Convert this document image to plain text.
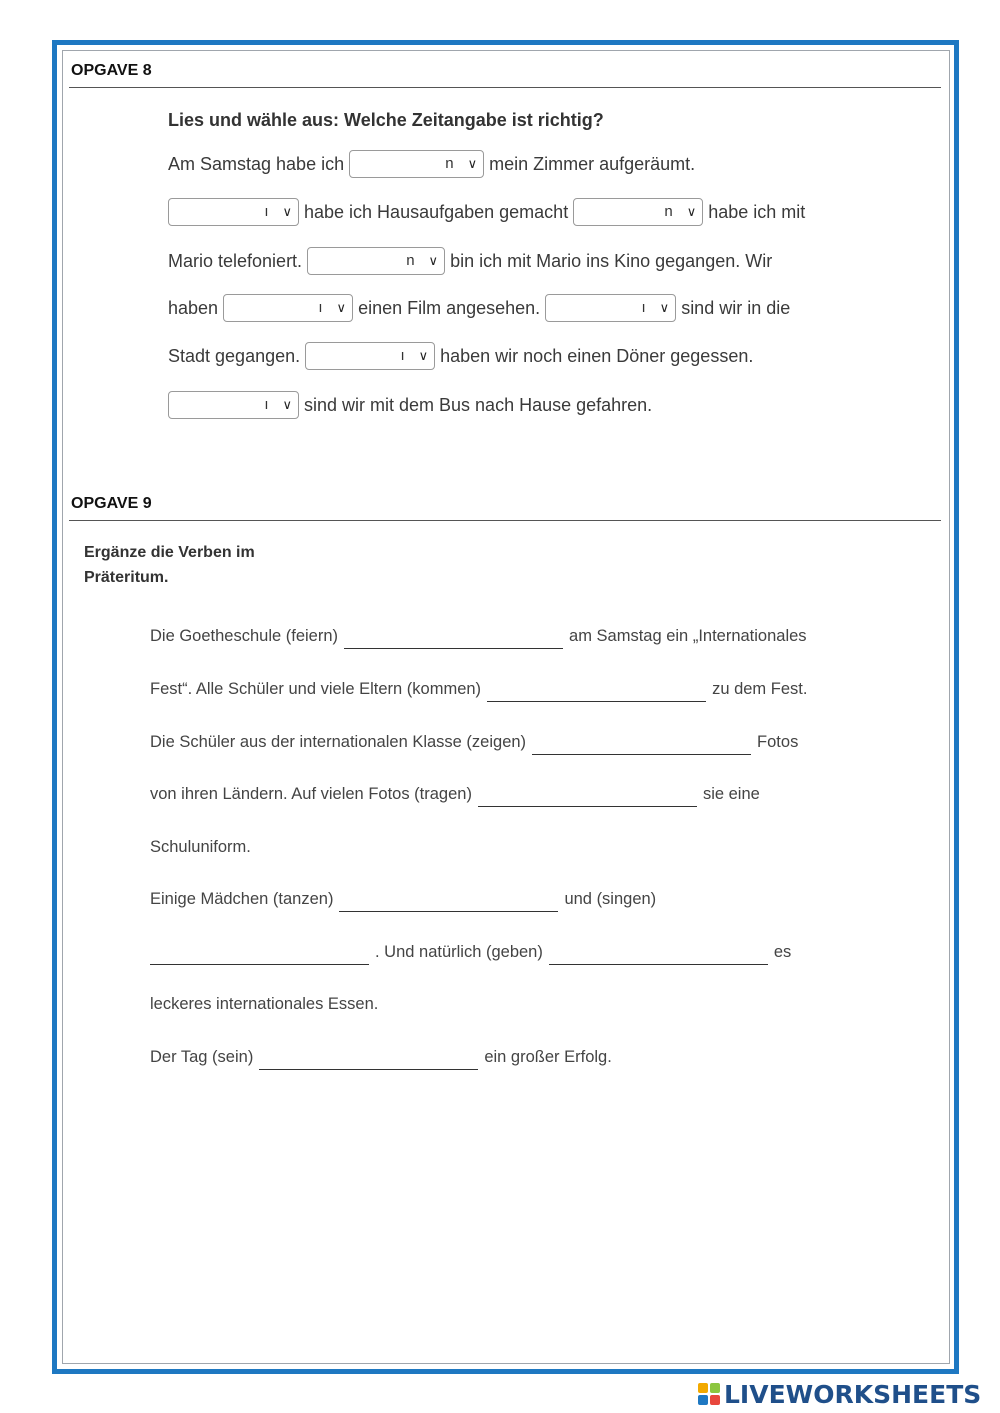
OPGAVE 8
Lies und wähle aus: Welche Zeitangabe ist richtig?
Am Samstag habe ich	n ∨ mein Zimmer aufgeräumt.
ı ∨ habe ich Hausaufgaben gemacht	n ∨ habe ich mit
Mario telefoniert.	n ∨ bin ich mit Mario ins Kino gegangen. Wir
haben	ı ∨ einen Film angesehen.	ı ∨ sind wir in die
Stadt gegangen.	ı ∨ haben wir noch einen Döner gegessen.
ı ∨ sind wir mit dem Bus nach Hause gefahren.
OPGAVE 9
Ergänze die Verben im Präteritum.
Die Goetheschule (feiern)	am Samstag ein „Internationales
Fest“. Alle Schüler und viele Eltern (kommen)	zu dem Fest.
Die Schüler aus der internationalen Klasse (zeigen)	Fotos
von ihren Ländern. Auf vielen Fotos (tragen)	sie eine
Schuluniform.
Einige Mädchen (tanzen)	und (singen)
. Und natürlich (geben)	es
leckeres internationales Essen.
Der Tag (sein)	ein großer Erfolg.
LIVEWORKSHEETS
